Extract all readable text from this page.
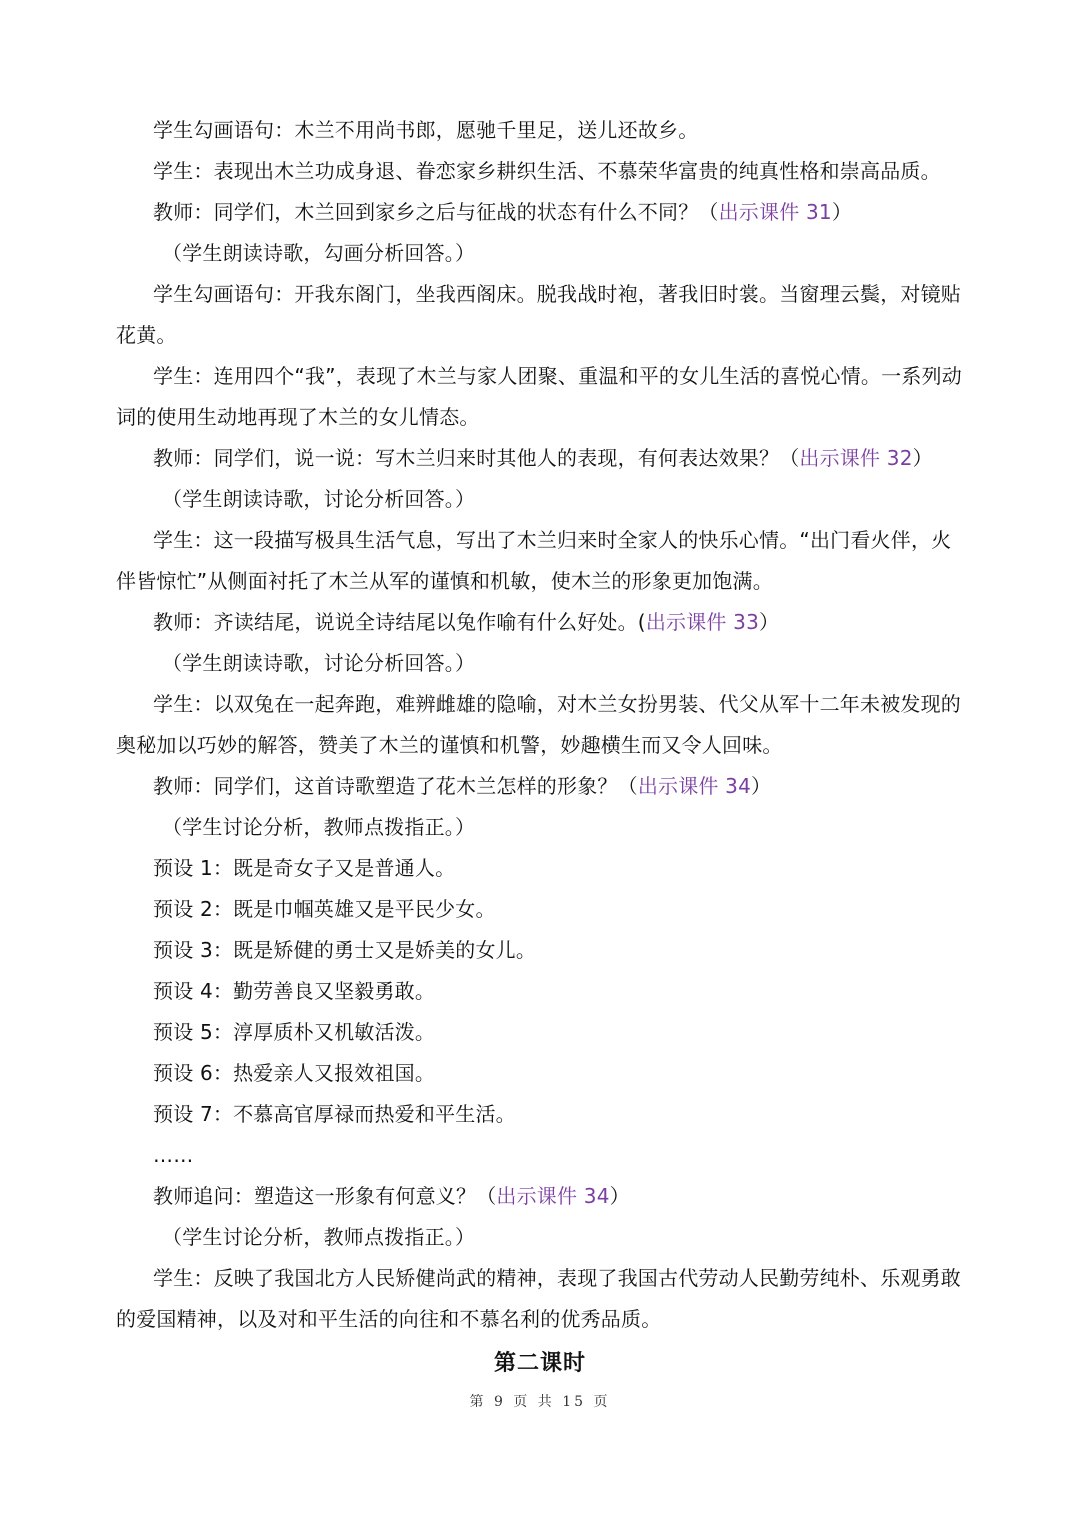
学生勾画语句：木兰不用尚书郎，愿驰千里足，送儿还故乡。

学生：表现出木兰功成身退、眷恋家乡耕织生活、不慕荣华富贵的纯真性格和崇高品质。

教师：同学们，木兰回到家乡之后与征战的状态有什么不同？（出示课件 31）

（学生朗读诗歌，勾画分析回答。）

学生勾画语句：开我东阁门，坐我西阁床。脱我战时袍，著我旧时裳。当窗理云鬓，对镜贴花黄。

学生：连用四个“我”，表现了木兰与家人团聚、重温和平的女儿生活的喜悦心情。一系列动词的使用生动地再现了木兰的女儿情态。

教师：同学们，说一说：写木兰归来时其他人的表现，有何表达效果？（出示课件 32）

（学生朗读诗歌，讨论分析回答。）

学生：这一段描写极具生活气息，写出了木兰归来时全家人的快乐心情。“出门看火伴，火伴皆惊忙”从侧面衬托了木兰从军的谨慎和机敏，使木兰的形象更加饱满。

教师：齐读结尾，说说全诗结尾以兔作喻有什么好处。(出示课件 33）

（学生朗读诗歌，讨论分析回答。）

学生：以双兔在一起奔跑，难辨雌雄的隐喻，对木兰女扮男装、代父从军十二年未被发现的奥秘加以巧妙的解答，赞美了木兰的谨慎和机警，妙趣横生而又令人回味。

教师：同学们，这首诗歌塑造了花木兰怎样的形象？（出示课件 34）

（学生讨论分析，教师点拨指正。）

预设 1：既是奇女子又是普通人。

预设 2：既是巾帼英雄又是平民少女。

预设 3：既是矫健的勇士又是娇美的女儿。

预设 4：勤劳善良又坚毅勇敢。

预设 5：淳厚质朴又机敏活泼。

预设 6：热爱亲人又报效祖国。

预设 7：不慕高官厚禄而热爱和平生活。

……

教师追问：塑造这一形象有何意义？（出示课件 34）

（学生讨论分析，教师点拨指正。）

学生：反映了我国北方人民矫健尚武的精神，表现了我国古代劳动人民勤劳纯朴、乐观勇敢的爱国精神，以及对和平生活的向往和不慕名利的优秀品质。

第二课时
第 9 页 共 15 页
